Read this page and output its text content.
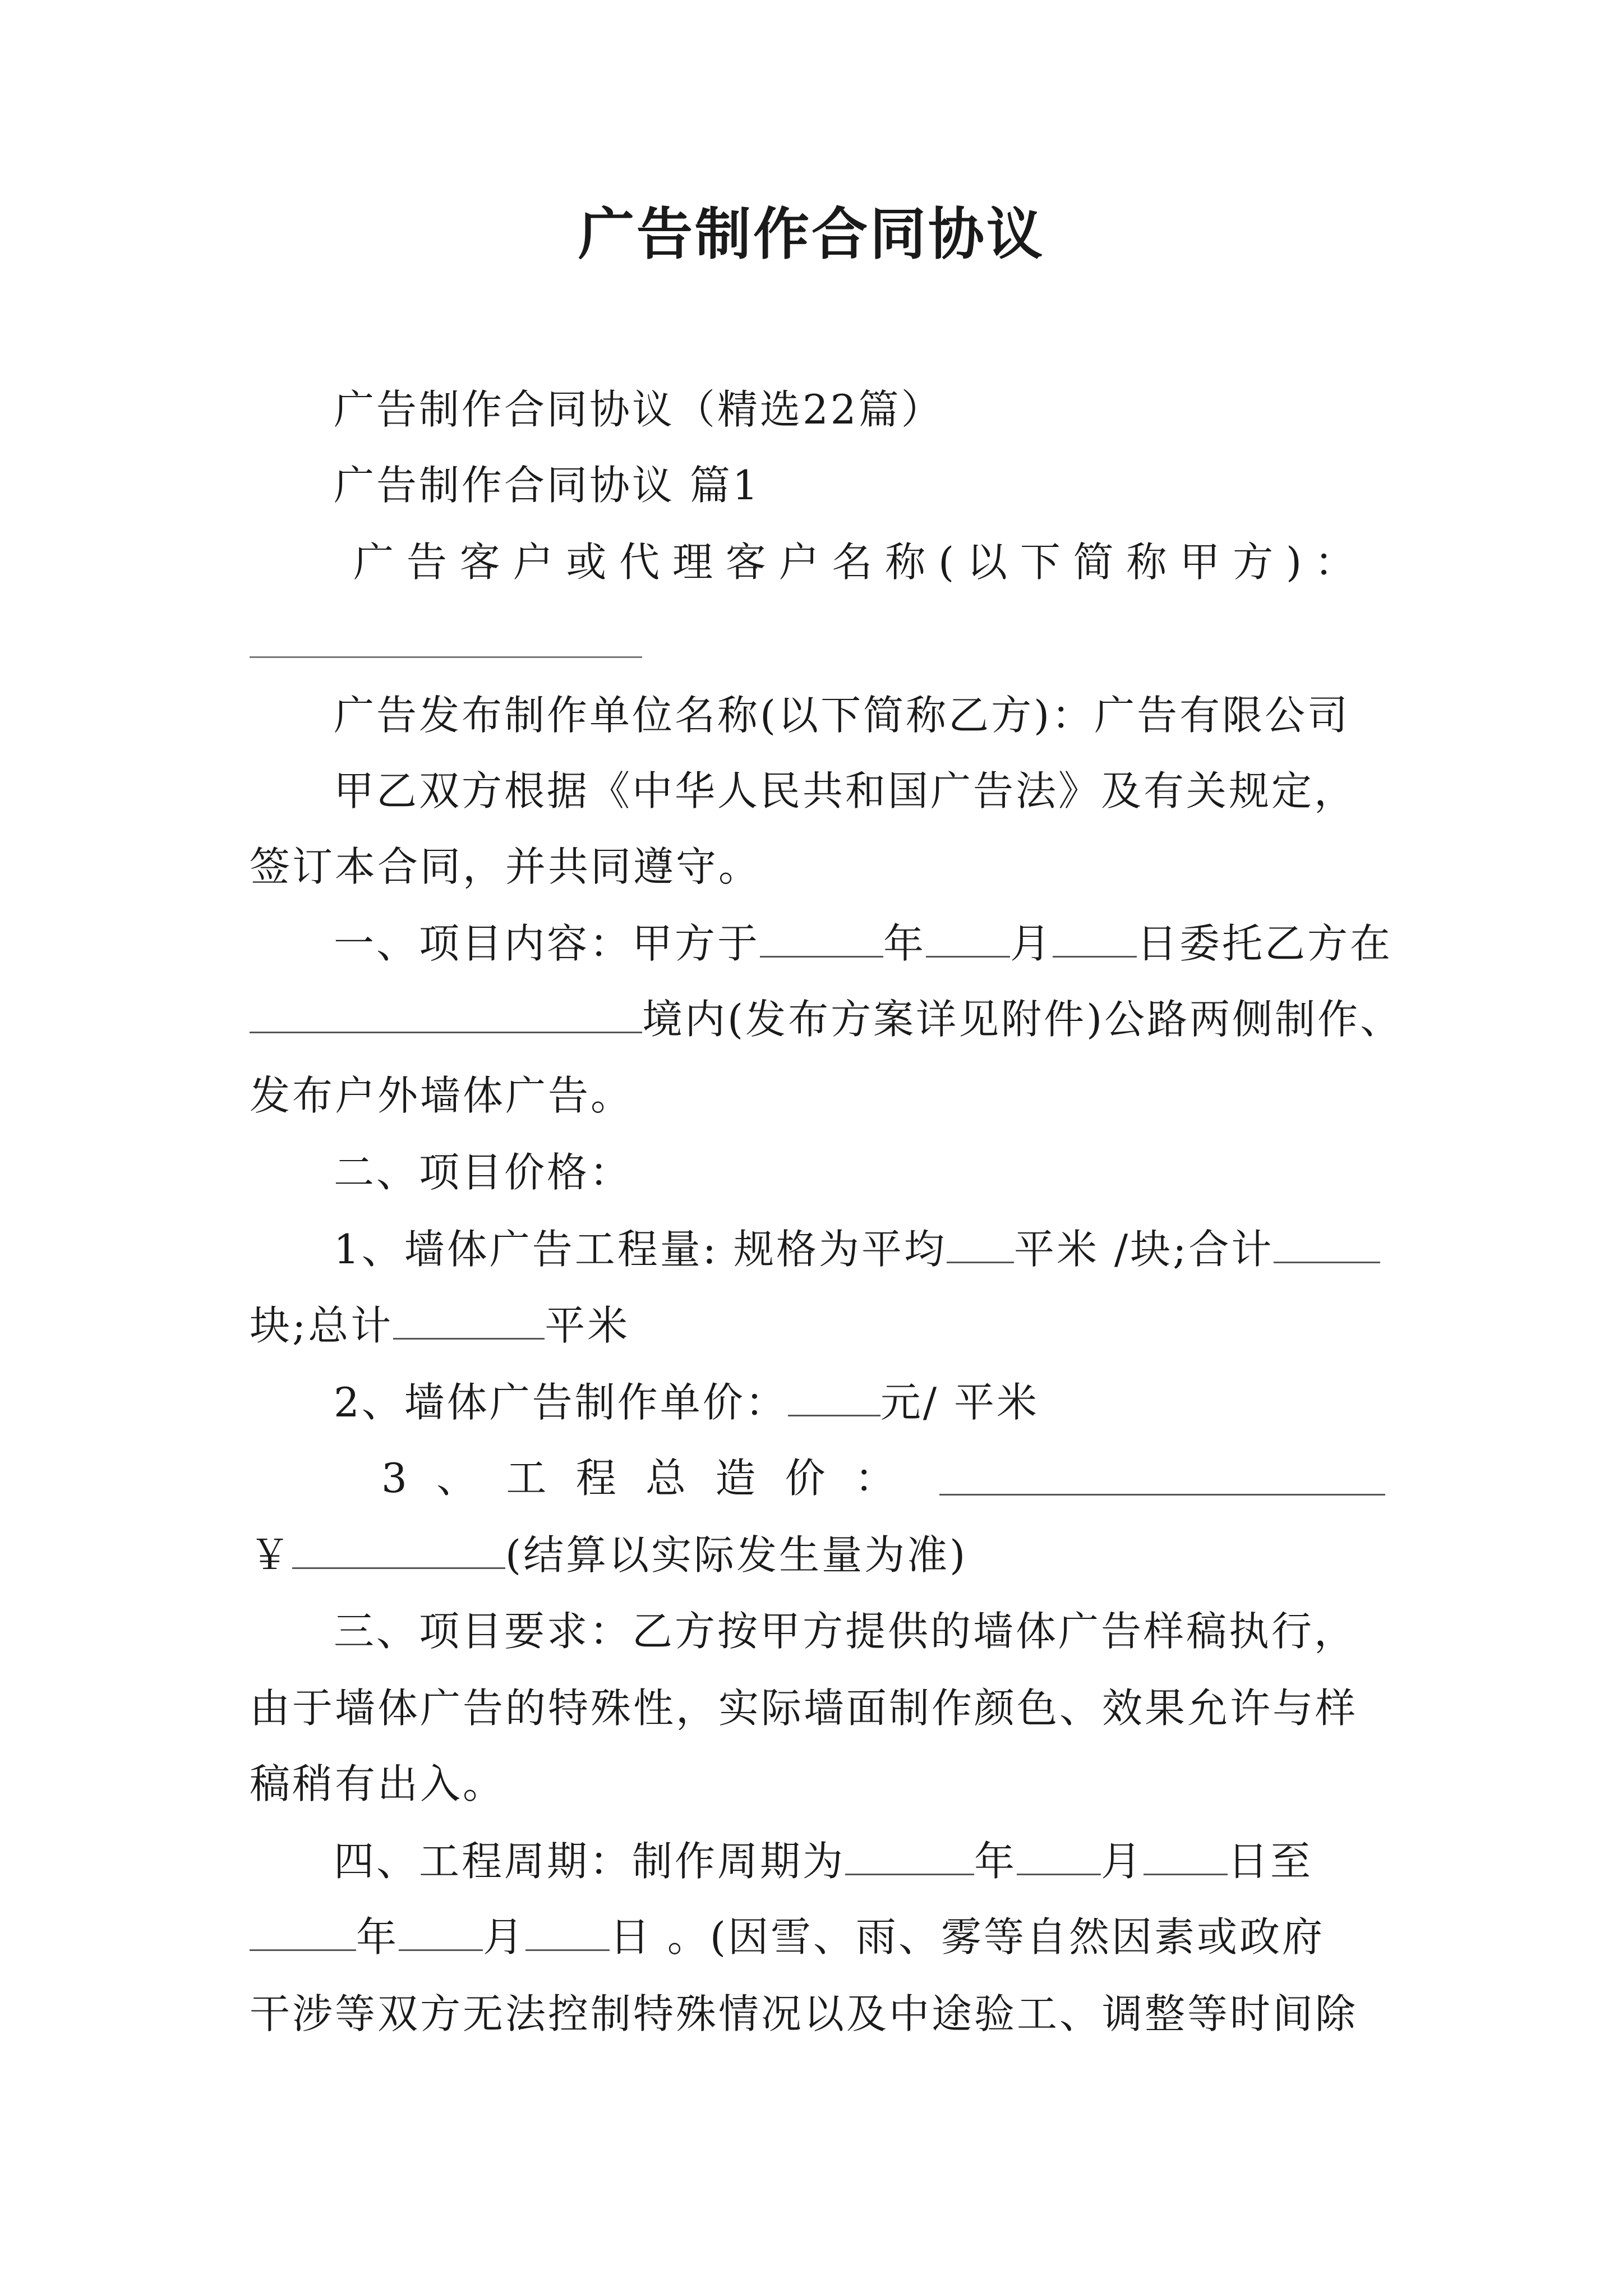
广告制作合同协议
广告制作合同协议（精选22篇）
广告制作合同协议 篇1
广 告 客 户 或 代 理 客 户 名 称 ( 以 下 简 称 甲 方 ) ：
广告发布制作单位名称(以下简称乙方)：广告有限公司
甲乙双方根据《中华人民共和国广告法》及有关规定，
签订本合同，并共同遵守。
一、项目内容：甲方于	年 月 日委托乙方在
境内(发布方案详见附件)公路两侧制作、
发布户外墙体广告。
二、项目价格：
1、墙体广告工程量: 规格为平均 平米 /块;合计
块;总计	平米
2、墙体广告制作单价： 元/ 平米
3 、 工 程 总 造 价 ：
￥	(结算以实际发生量为准)
三、项目要求：乙方按甲方提供的墙体广告样稿执行，
由于墙体广告的特殊性，实际墙面制作颜色、效果允许与样
稿稍有出入。
四、工程周期：制作周期为	年 月 日至
年 月 日 。(因雪、雨、雾等自然因素或政府
干涉等双方无法控制特殊情况以及中途验工、调整等时间除
